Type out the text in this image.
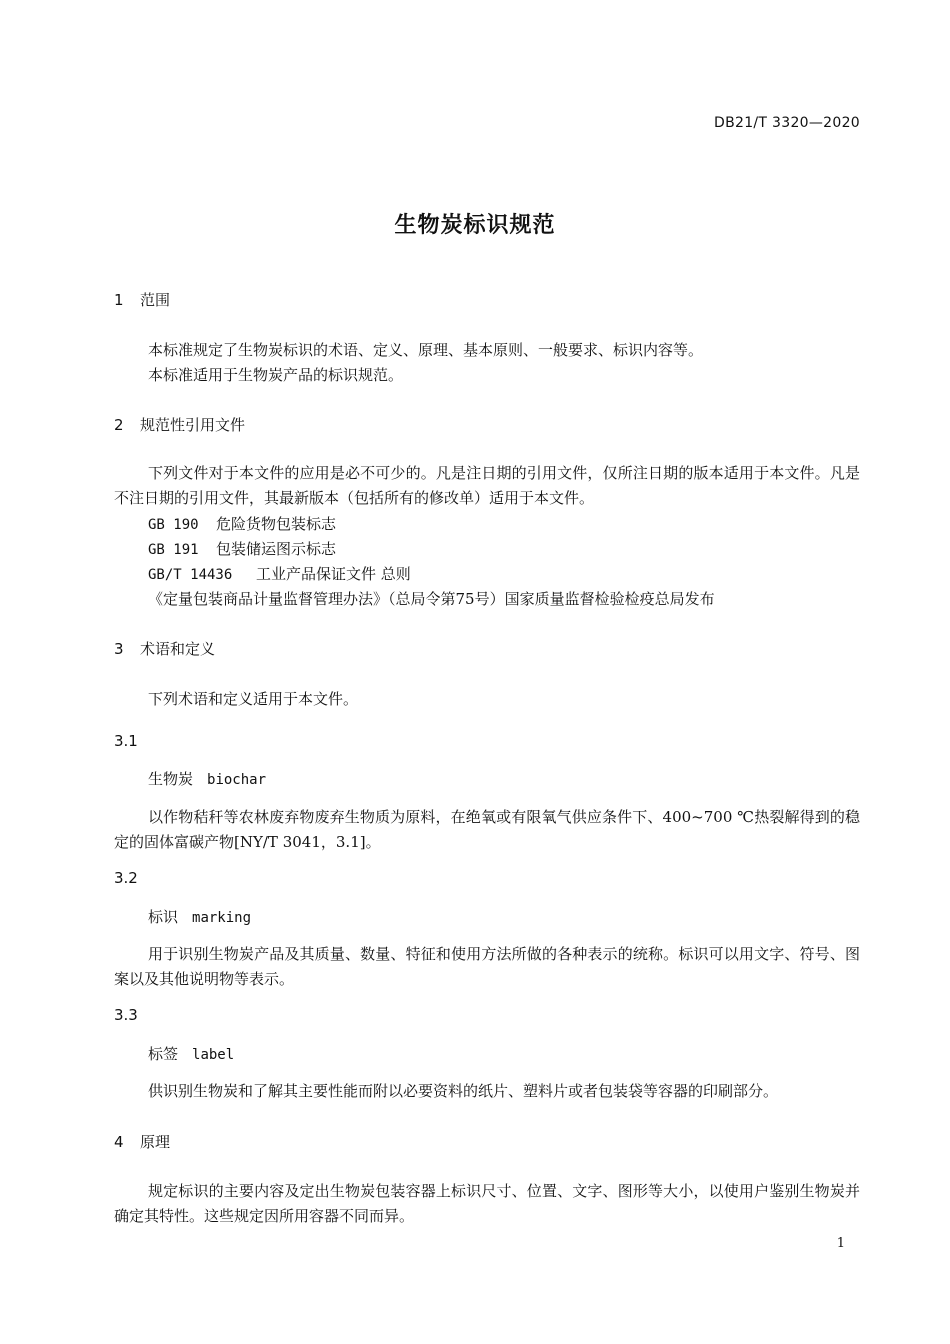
DB21/T 3320—2020
生物炭标识规范
1 范围

本标准规定了生物炭标识的术语、定义、原理、基本原则、一般要求、标识内容等。

本标准适用于生物炭产品的标识规范。

2 规范性引用文件

下列文件对于本文件的应用是必不可少的。凡是注日期的引用文件，仅所注日期的版本适用于本文件。凡是不注日期的引用文件，其最新版本（包括所有的修改单）适用于本文件。

GB 190 危险货物包装标志
GB 191 包装储运图示标志
GB/T 14436 工业产品保证文件 总则

《定量包装商品计量监督管理办法》（总局令第75号）国家质量监督检验检疫总局发布

3 术语和定义

下列术语和定义适用于本文件。

3.1
生物炭 biochar

以作物秸秆等农林废弃物废弃生物质为原料，在绝氧或有限氧气供应条件下、400~700 ℃热裂解得到的稳定的固体富碳产物[NY/T 3041，3.1]。

3.2
标识 marking

用于识别生物炭产品及其质量、数量、特征和使用方法所做的各种表示的统称。标识可以用文字、符号、图案以及其他说明物等表示。

3.3
标签 label

供识别生物炭和了解其主要性能而附以必要资料的纸片、塑料片或者包装袋等容器的印刷部分。

4 原理

规定标识的主要内容及定出生物炭包装容器上标识尺寸、位置、文字、图形等大小，以使用户鉴别生物炭并确定其特性。这些规定因所用容器不同而异。

1
